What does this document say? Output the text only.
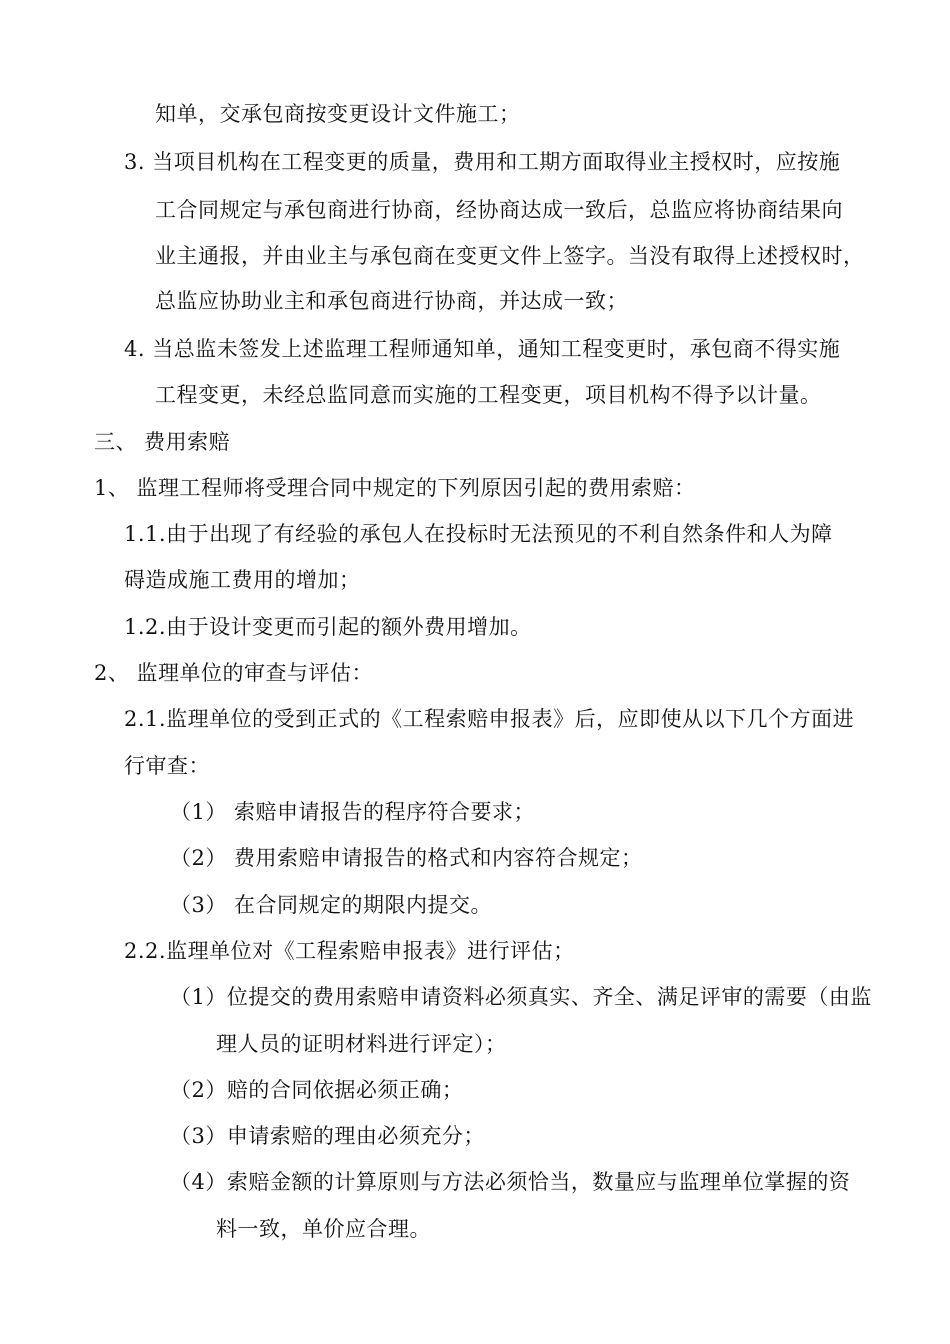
知单，交承包商按变更设计文件施工；
3. 当项目机构在工程变更的质量，费用和工期方面取得业主授权时，应按施
工合同规定与承包商进行协商，经协商达成一致后，总监应将协商结果向
业主通报，并由业主与承包商在变更文件上签字。当没有取得上述授权时，
总监应协助业主和承包商进行协商，并达成一致；
4. 当总监未签发上述监理工程师通知单，通知工程变更时，承包商不得实施
工程变更，未经总监同意而实施的工程变更，项目机构不得予以计量。
三、 费用索赔
1、 监理工程师将受理合同中规定的下列原因引起的费用索赔：
1.1.由于出现了有经验的承包人在投标时无法预见的不利自然条件和人为障
碍造成施工费用的增加；
1.2.由于设计变更而引起的额外费用增加。
2、 监理单位的审查与评估：
2.1.监理单位的受到正式的《工程索赔申报表》后，应即使从以下几个方面进
行审查：
（1） 索赔申请报告的程序符合要求；
（2） 费用索赔申请报告的格式和内容符合规定；
（3） 在合同规定的期限内提交。
2.2.监理单位对《工程索赔申报表》进行评估；
（1）位提交的费用索赔申请资料必须真实、齐全、满足评审的需要（由监
理人员的证明材料进行评定）；
（2）赔的合同依据必须正确；
（3）申请索赔的理由必须充分；
（4）索赔金额的计算原则与方法必须恰当，数量应与监理单位掌握的资
料一致，单价应合理。
